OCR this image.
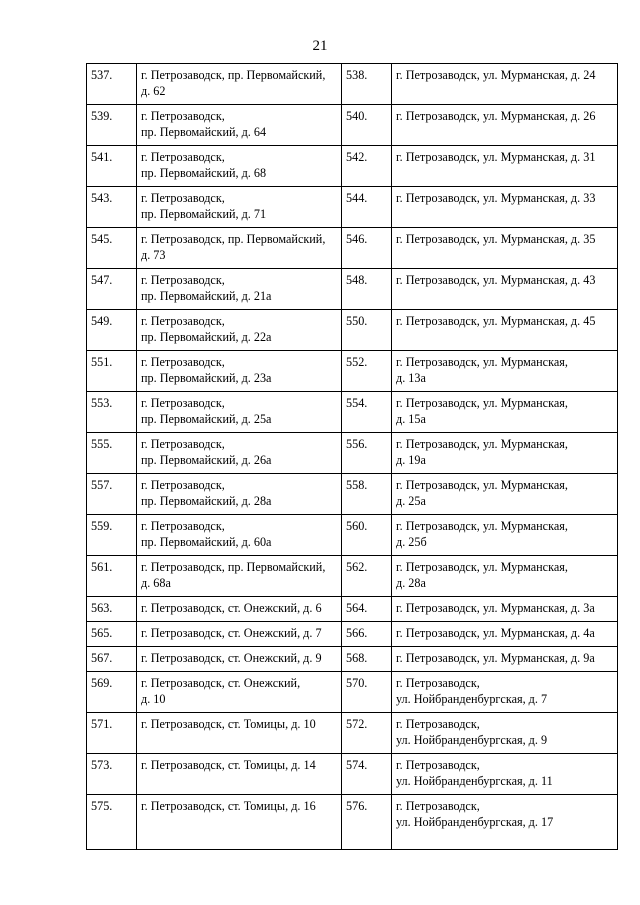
21
537.	г. Петрозаводск, пр. Первомайский,
д. 62	538.	г. Петрозаводск, ул. Мурманская, д. 24

539.	г. Петрозаводск,
пр. Первомайский, д. 64	540.	г. Петрозаводск, ул. Мурманская, д. 26

541.	г. Петрозаводск,
пр. Первомайский, д. 68	542.	г. Петрозаводск, ул. Мурманская, д. 31

543.	г. Петрозаводск,
пр. Первомайский, д. 71	544.	г. Петрозаводск, ул. Мурманская, д. 33

545.	г. Петрозаводск, пр. Первомайский,
д. 73	546.	г. Петрозаводск, ул. Мурманская, д. 35

547.	г. Петрозаводск,
пр. Первомайский, д. 21а	548.	г. Петрозаводск, ул. Мурманская, д. 43

549.	г. Петрозаводск,
пр. Первомайский, д. 22а	550.	г. Петрозаводск, ул. Мурманская, д. 45

551.	г. Петрозаводск,
пр. Первомайский, д. 23а	552.	г. Петрозаводск, ул. Мурманская,
д. 13а

553.	г. Петрозаводск,
пр. Первомайский, д. 25а	554.	г. Петрозаводск, ул. Мурманская,
д. 15а

555.	г. Петрозаводск,
пр. Первомайский, д. 26а	556.	г. Петрозаводск, ул. Мурманская,
д. 19а

557.	г. Петрозаводск,
пр. Первомайский, д. 28а	558.	г. Петрозаводск, ул. Мурманская,
д. 25а

559.	г. Петрозаводск,
пр. Первомайский, д. 60а	560.	г. Петрозаводск, ул. Мурманская,
д. 25б

561.	г. Петрозаводск, пр. Первомайский,
д. 68а	562.	г. Петрозаводск, ул. Мурманская,
д. 28а

563.	г. Петрозаводск, ст. Онежский, д. 6	564.	г. Петрозаводск, ул. Мурманская, д. 3а

565.	г. Петрозаводск, ст. Онежский, д. 7	566.	г. Петрозаводск, ул. Мурманская, д. 4а

567.	г. Петрозаводск, ст. Онежский, д. 9	568.	г. Петрозаводск, ул. Мурманская, д. 9а

569.	г. Петрозаводск, ст. Онежский,
д. 10	570.	г. Петрозаводск,
ул. Нойбранденбургская, д. 7

571.	г. Петрозаводск, ст. Томицы, д. 10	572.	г. Петрозаводск,
ул. Нойбранденбургская, д. 9

573.	г. Петрозаводск, ст. Томицы, д. 14	574.	г. Петрозаводск,
ул. Нойбранденбургская, д. 11

575.	г. Петрозаводск, ст. Томицы, д. 16	576.	г. Петрозаводск,
ул. Нойбранденбургская, д. 17
